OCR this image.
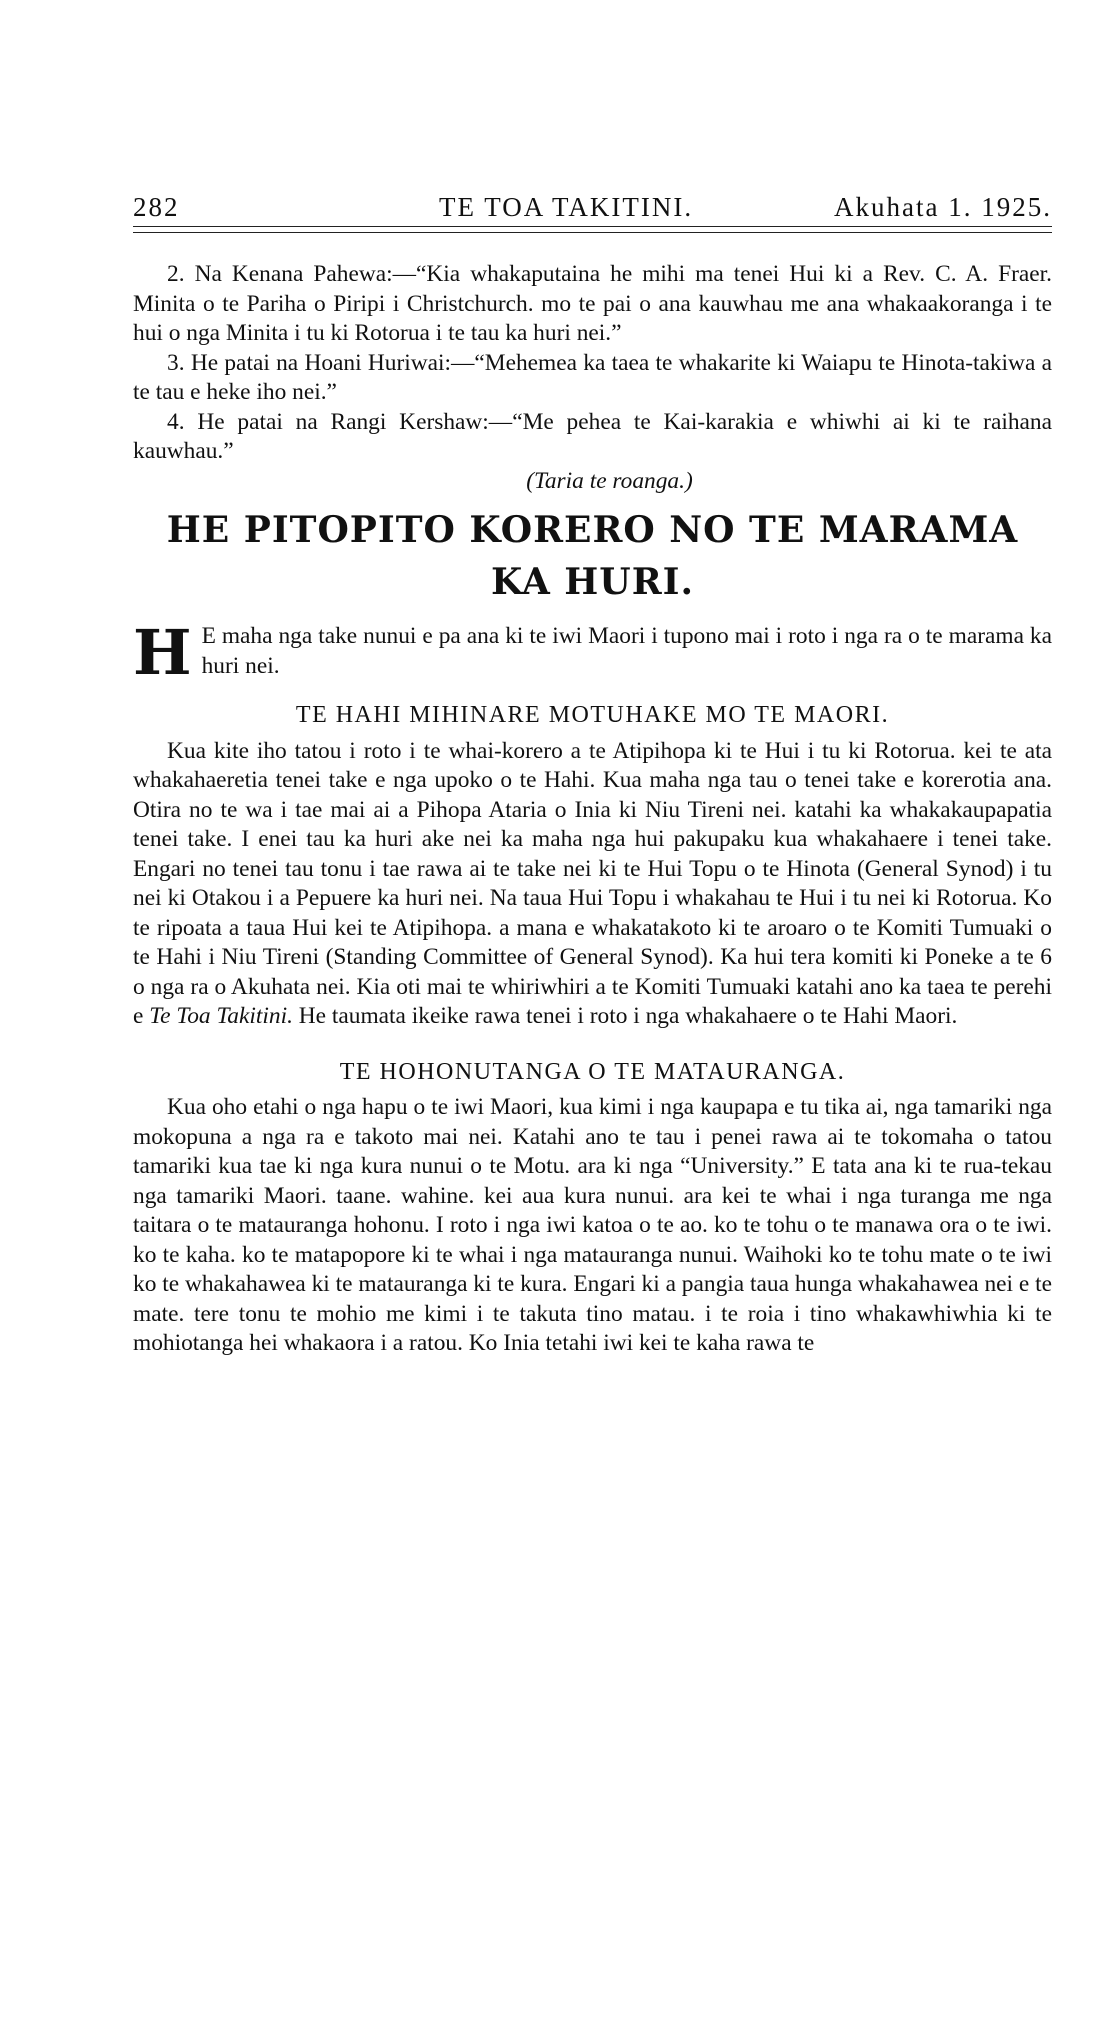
282	TE TOA TAKITINI.	Akuhata 1. 1925.

2. Na Kenana Pahewa:—“Kia whakaputaina he mihi ma tenei Hui ki a Rev. C. A. Fraer. Minita o te Pariha o Piripi i Christchurch. mo te pai o ana kauwhau me ana whakaakoranga i te hui o nga Minita i tu ki Rotorua i te tau ka huri nei.”

3. He patai na Hoani Huriwai:—“Mehemea ka taea te whakarite ki Waiapu te Hinota-takiwa a te tau e heke iho nei.”

4. He patai na Rangi Kershaw:—“Me pehea te Kai-karakia e whiwhi ai ki te raihana kauwhau.”

(Taria te roanga.)

HE PITOPITO KORERO NO TE MARAMA KA HURI.

H E maha nga take nunui e pa ana ki te iwi Maori i tupono mai i roto i nga ra o te marama ka huri nei.

TE HAHI MIHINARE MOTUHAKE MO TE MAORI.

Kua kite iho tatou i roto i te whai-korero a te Atipihopa ki te Hui i tu ki Rotorua. kei te ata whakahaeretia tenei take e nga upoko o te Hahi. Kua maha nga tau o tenei take e korerotia ana. Otira no te wa i tae mai ai a Pihopa Ataria o Inia ki Niu Tireni nei. katahi ka whakakaupapatia tenei take. I enei tau ka huri ake nei ka maha nga hui pakupaku kua whakahaere i tenei take. Engari no tenei tau tonu i tae rawa ai te take nei ki te Hui Topu o te Hinota (General Synod) i tu nei ki Otakou i a Pepuere ka huri nei. Na taua Hui Topu i whakahau te Hui i tu nei ki Rotorua. Ko te ripoata a taua Hui kei te Atipihopa. a mana e whakatakoto ki te aroaro o te Komiti Tumuaki o te Hahi i Niu Tireni (Standing Committee of General Synod). Ka hui tera komiti ki Poneke a te 6 o nga ra o Akuhata nei. Kia oti mai te whiriwhiri a te Komiti Tumuaki katahi ano ka taea te perehi e Te Toa Takitini. He taumata ikeike rawa tenei i roto i nga whakahaere o te Hahi Maori.

TE HOHONUTANGA O TE MATAURANGA.

Kua oho etahi o nga hapu o te iwi Maori, kua kimi i nga kaupapa e tu tika ai, nga tamariki nga mokopuna a nga ra e takoto mai nei. Katahi ano te tau i penei rawa ai te tokomaha o tatou tamariki kua tae ki nga kura nunui o te Motu. ara ki nga “University.” E tata ana ki te rua-tekau nga tamariki Maori. taane. wahine. kei aua kura nunui. ara kei te whai i nga turanga me nga taitara o te matauranga hohonu. I roto i nga iwi katoa o te ao. ko te tohu o te manawa ora o te iwi. ko te kaha. ko te matapopore ki te whai i nga matauranga nunui. Waihoki ko te tohu mate o te iwi ko te whakahawea ki te matauranga ki te kura. Engari ki a pangia taua hunga whakahawea nei e te mate. tere tonu te mohio me kimi i te takuta tino matau. i te roia i tino whakawhiwhia ki te mohiotanga hei whakaora i a ratou. Ko Inia tetahi iwi kei te kaha rawa te
